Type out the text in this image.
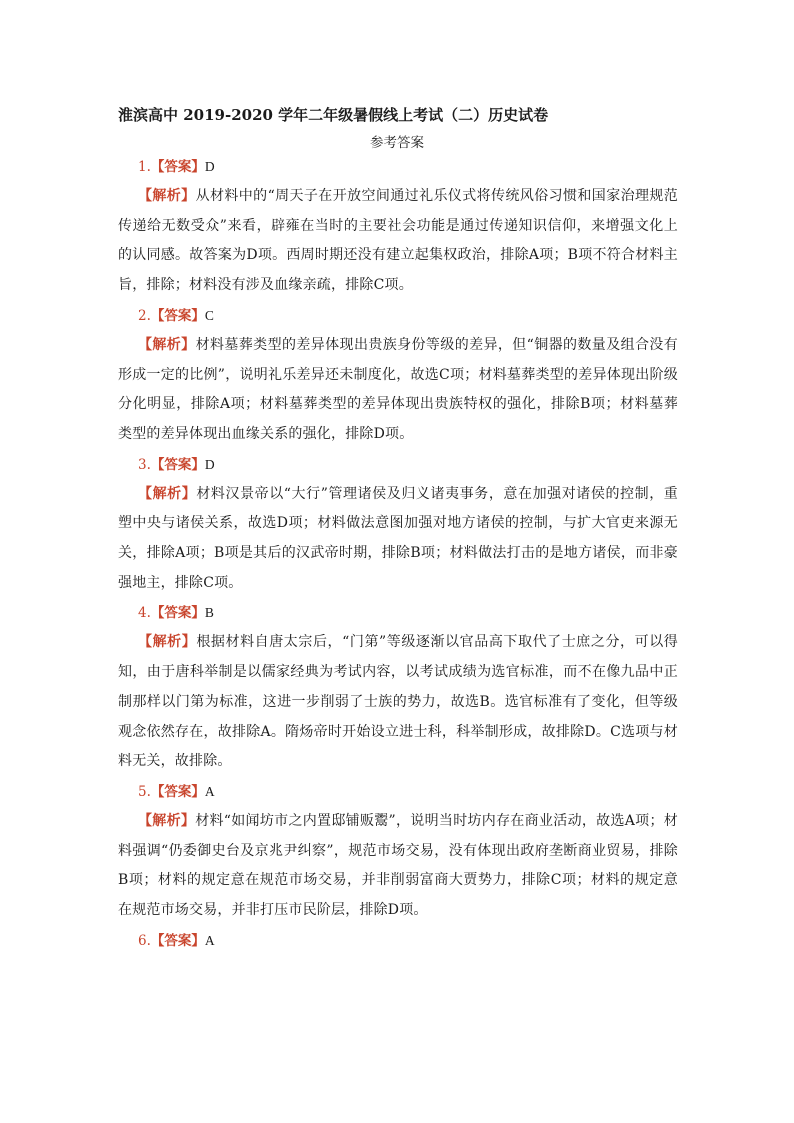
淮滨高中 2019-2020 学年二年级暑假线上考试（二）历史试卷
参考答案

1.【答案】D

【解析】从材料中的“周天子在开放空间通过礼乐仪式将传统风俗习惯和国家治理规范传递给无数受众”来看，辟雍在当时的主要社会功能是通过传递知识信仰，来增强文化上的认同感。故答案为D项。西周时期还没有建立起集权政治，排除A项；B项不符合材料主旨，排除；材料没有涉及血缘亲疏，排除C项。

2.【答案】C

【解析】材料墓葬类型的差异体现出贵族身份等级的差异，但“铜器的数量及组合没有形成一定的比例”，说明礼乐差异还未制度化，故选C项；材料墓葬类型的差异体现出阶级分化明显，排除A项；材料墓葬类型的差异体现出贵族特权的强化，排除B项；材料墓葬类型的差异体现出血缘关系的强化，排除D项。

3.【答案】D

【解析】材料汉景帝以“大行”管理诸侯及归义诸夷事务，意在加强对诸侯的控制，重塑中央与诸侯关系，故选D项；材料做法意图加强对地方诸侯的控制，与扩大官吏来源无关，排除A项；B项是其后的汉武帝时期，排除B项；材料做法打击的是地方诸侯，而非豪强地主，排除C项。

4.【答案】B

【解析】根据材料自唐太宗后，“门第”等级逐渐以官品高下取代了士庶之分，可以得知，由于唐科举制是以儒家经典为考试内容，以考试成绩为选官标准，而不在像九品中正制那样以门第为标准，这进一步削弱了士族的势力，故选B。选官标准有了变化，但等级观念依然存在，故排除A。隋炀帝时开始设立进士科，科举制形成，故排除D。C选项与材料无关，故排除。

5.【答案】A

【解析】材料“如闻坊市之内置邸铺贩鬻”，说明当时坊内存在商业活动，故选A项；材料强调“仍委御史台及京兆尹纠察”，规范市场交易，没有体现出政府垄断商业贸易，排除B项；材料的规定意在规范市场交易，并非削弱富商大贾势力，排除C项；材料的规定意在规范市场交易，并非打压市民阶层，排除D项。

6.【答案】A
